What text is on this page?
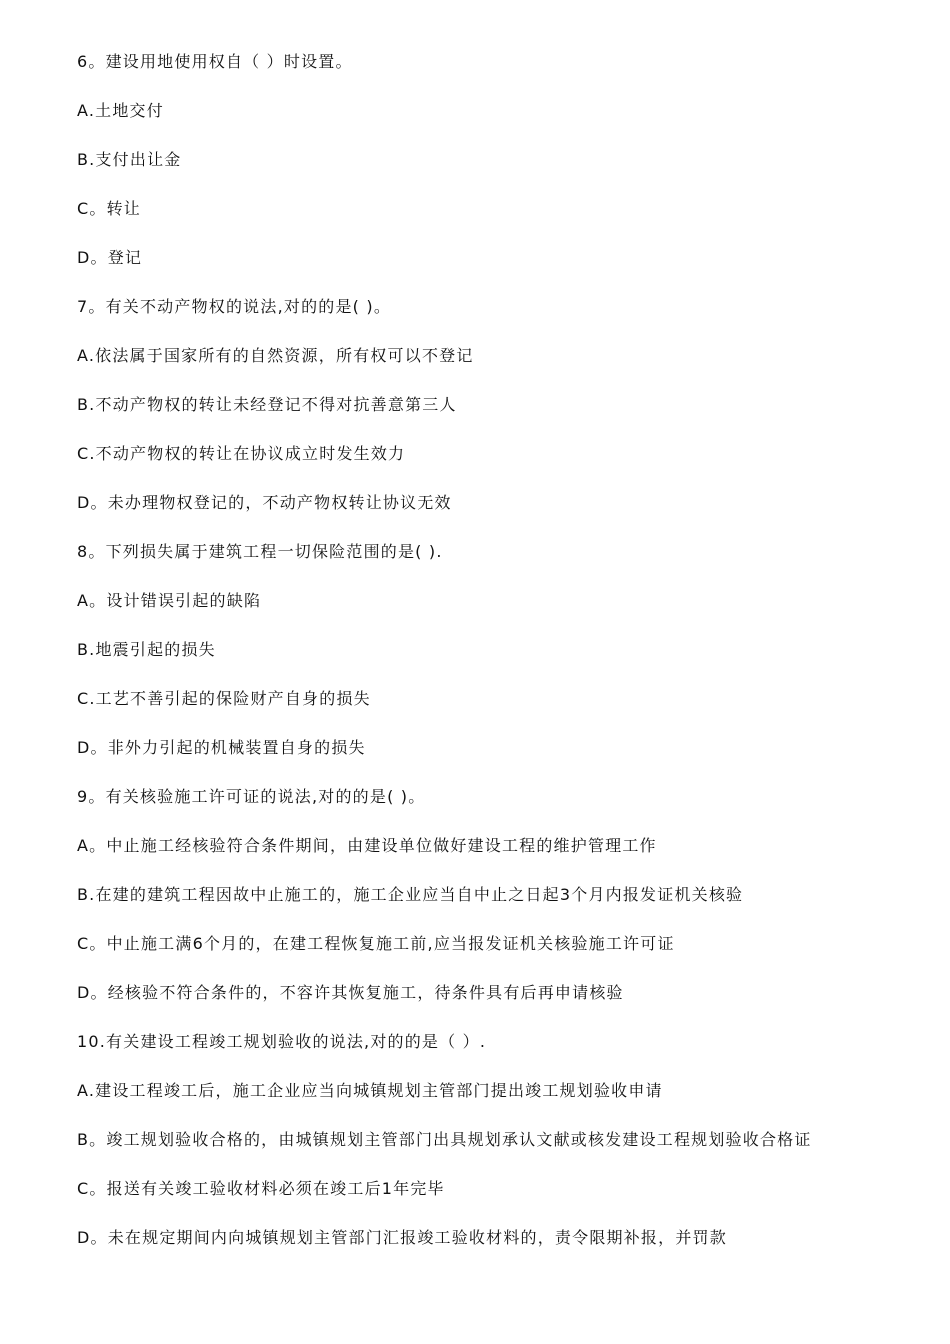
6。建设用地使用权自（ ）时设置。
A.土地交付
B.支付出让金
C。转让
D。登记
7。有关不动产物权的说法,对的的是( )。
A.依法属于国家所有的自然资源，所有权可以不登记
B.不动产物权的转让未经登记不得对抗善意第三人
C.不动产物权的转让在协议成立时发生效力
D。未办理物权登记的，不动产物权转让协议无效
8。下列损失属于建筑工程一切保险范围的是( ).
A。设计错误引起的缺陷
B.地震引起的损失
C.工艺不善引起的保险财产自身的损失
D。非外力引起的机械装置自身的损失
9。有关核验施工许可证的说法,对的的是( )。
A。中止施工经核验符合条件期间，由建设单位做好建设工程的维护管理工作
B.在建的建筑工程因故中止施工的，施工企业应当自中止之日起3个月内报发证机关核验
C。中止施工满6个月的，在建工程恢复施工前,应当报发证机关核验施工许可证
D。经核验不符合条件的，不容许其恢复施工，待条件具有后再申请核验
10.有关建设工程竣工规划验收的说法,对的的是（ ）.
A.建设工程竣工后，施工企业应当向城镇规划主管部门提出竣工规划验收申请
B。竣工规划验收合格的，由城镇规划主管部门出具规划承认文献或核发建设工程规划验收合格证
C。报送有关竣工验收材料必须在竣工后1年完毕
D。未在规定期间内向城镇规划主管部门汇报竣工验收材料的，责令限期补报，并罚款
